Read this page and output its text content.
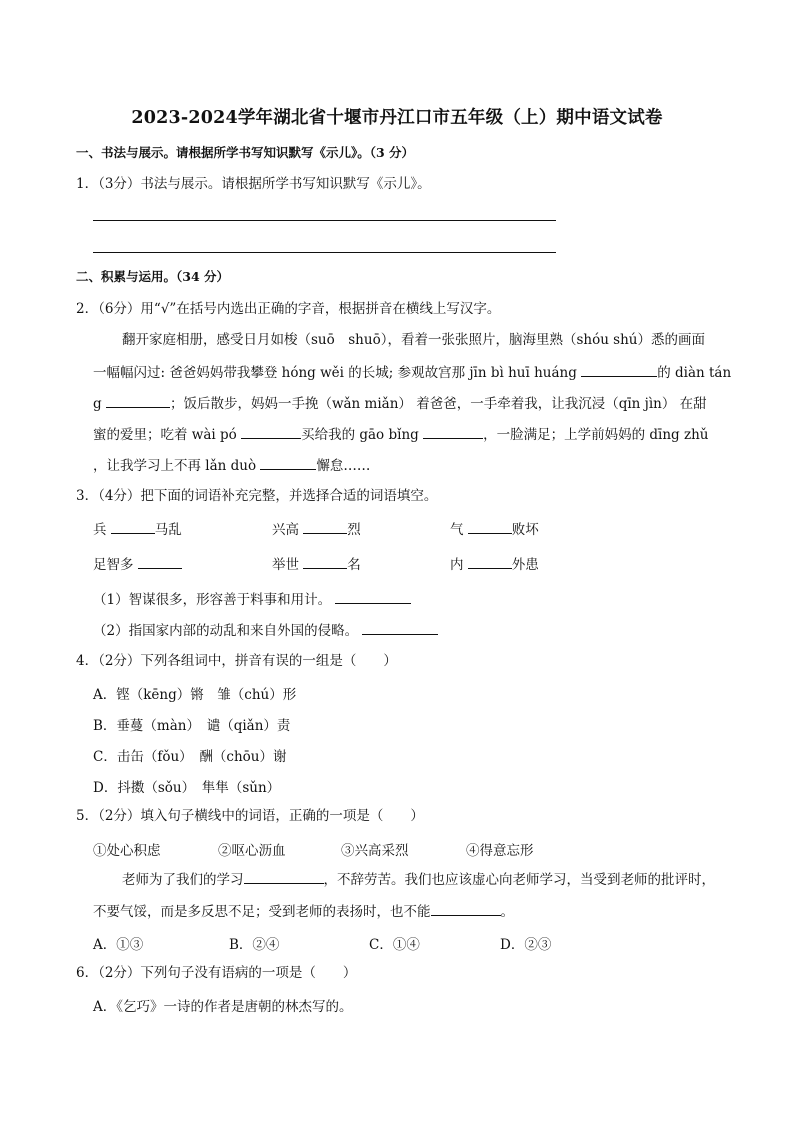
2023-2024学年湖北省十堰市丹江口市五年级（上）期中语文试卷
一、书法与展示。请根据所学书写知识默写《示儿》。（3 分）
1．（3分）书法与展示。请根据所学书写知识默写《示儿》。
二、积累与运用。（34 分）
2．（6分）用“√”在括号内选出正确的字音，根据拼音在横线上写汉字。
翻开家庭相册，感受日月如梭（suō　shuō），看着一张张照片，脑海里熟（shóu shú）悉的画面
一幅幅闪过: 爸爸妈妈带我攀登 hóng wěi 的长城; 参观故宫那 jīn bì huī huáng	的 diàn tán
g	；饭后散步，妈妈一手挽（wǎn miǎn） 着爸爸，一手牵着我，让我沉浸（qīn jìn） 在甜
蜜的爱里；吃着 wài pó	买给我的 gāo bǐng	，一脸满足；上学前妈妈的 dīng zhǔ
，让我学习上不再 lǎn duò	懈怠……
3．（4分）把下面的词语补充完整，并选择合适的词语填空。
兵	马乱	兴高	烈	气	败坏
足智多	举世	名	内	外患
（1）智谋很多，形容善于料事和用计。
（2）指国家内部的动乱和来自外国的侵略。
4．（2分）下列各组词中，拼音有误的一组是（　　）
A．铿（kēng）锵　雏（chú）形
B．垂蔓（màn）　谴（qiǎn）责
C．击缶（fǒu）　酬（chōu）谢
D．抖擞（sǒu）　隼隼（sǔn）
5．（2分）填入句子横线中的词语，正确的一项是（　　）
①处心积虑	②呕心沥血	③兴高采烈	④得意忘形
老师为了我们的学习	，不辞劳苦。我们也应该虚心向老师学习，当受到老师的批评时，
不要气馁，而是多反思不足；受到老师的表扬时，也不能	。
A．①③	B．②④	C．①④	D．②③
6．（2分）下列句子没有语病的一项是（　　）
A．《乞巧》一诗的作者是唐朝的林杰写的。
